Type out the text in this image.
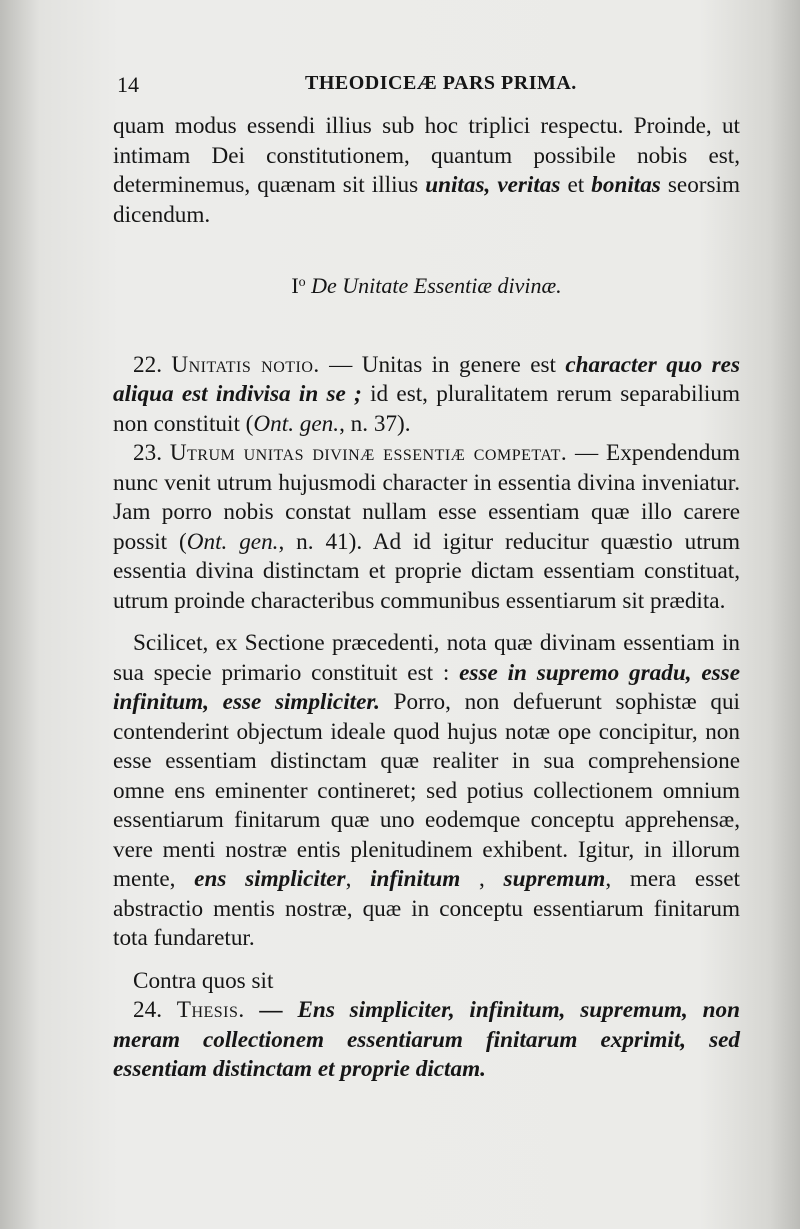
14	THEODICEÆ PARS PRIMA.

quam modus essendi illius sub hoc triplici respectu. Proinde, ut intimam Dei constitutionem, quantum possibile nobis est, determinemus, quænam sit illius unitas, veritas et bonitas seorsim dicendum.

$I^o$ De Unitate Essentiæ divinæ.

22. Unitatis notio. — Unitas in genere est character quo res aliqua est indivisa in se ; id est, pluralitatem rerum separabilium non constituit (Ont. gen., n. 37).

23. Utrum unitas divinæ essentiæ competat. — Expendendum nunc venit utrum hujusmodi character in essentia divina inveniatur. Jam porro nobis constat nullam esse essentiam quæ illo carere possit (Ont. gen., n. 41). Ad id igitur reducitur quæstio utrum essentia divina distinctam et proprie dictam essentiam constituat, utrum proinde characteribus communibus essentiarum sit prædita.

Scilicet, ex Sectione præcedenti, nota quæ divinam essentiam in sua specie primario constituit est : esse in supremo gradu, esse infinitum, esse simpliciter. Porro, non defuerunt sophistæ qui contenderint objectum ideale quod hujus notæ ope concipitur, non esse essentiam distinctam quæ realiter in sua comprehensione omne ens eminenter contineret; sed potius collectionem omnium essentiarum finitarum quæ uno eodemque conceptu apprehensæ, vere menti nostræ entis plenitudinem exhibent. Igitur, in illorum mente, ens simpliciter, infinitum , supremum, mera esset abstractio mentis nostræ, quæ in conceptu essentiarum finitarum tota fundaretur.

Contra quos sit

24. Thesis. — Ens simpliciter, infinitum, supremum, non meram collectionem essentiarum finitarum exprimit, sed essentiam distinctam et proprie dictam.
